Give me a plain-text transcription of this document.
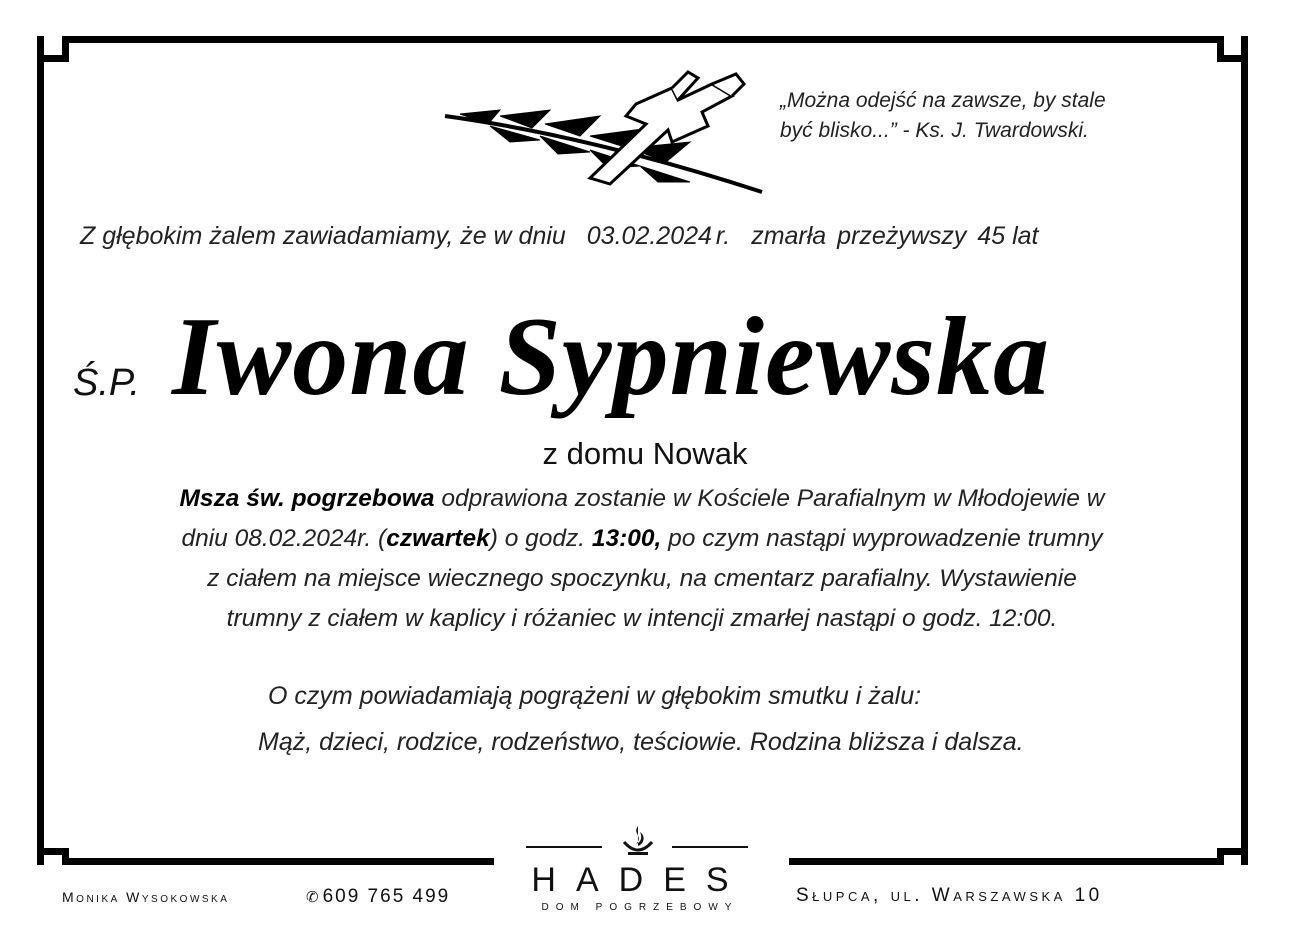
„Można odejść na zawsze, by stale
być blisko...” - Ks. J. Twardowski.
Z głębokim żalem zawiadamiamy, że w dniu 03.02.2024 r. zmarła przeżywszy 45 lat
Ś.P. Iwona Sypniewska
z domu Nowak
Msza św. pogrzebowa odprawiona zostanie w Kościele Parafialnym w Młodojewie w
dniu 08.02.2024r. (czwartek) o godz. 13:00, po czym nastąpi wyprowadzenie trumny
z ciałem na miejsce wiecznego spoczynku, na cmentarz parafialny. Wystawienie
trumny z ciałem w kaplicy i różaniec w intencji zmarłej nastąpi o godz. 12:00.
O czym powiadamiają pogrążeni w głębokim smutku i żalu:
Mąż, dzieci, rodzice, rodzeństwo, teściowie. Rodzina bliższa i dalsza.
Monika Wysokowska	✆ 609 765 499 HADES
DOM POGRZEBOWY
Słupca, ul. Warszawska 10
